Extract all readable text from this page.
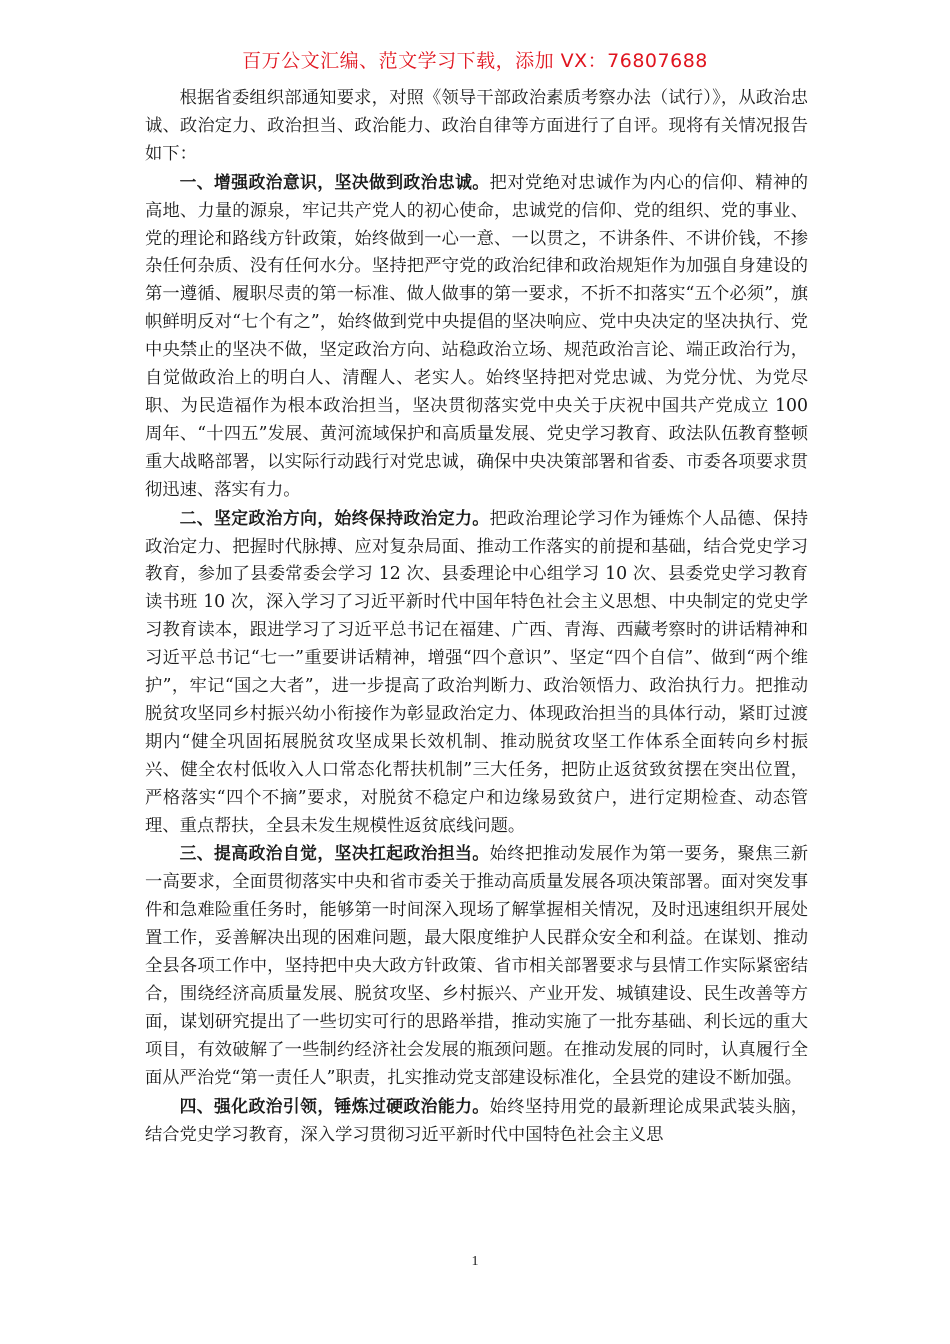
百万公文汇编、范文学习下载，添加 VX：76807688

根据省委组织部通知要求，对照《领导干部政治素质考察办法（试行）》，从政治忠诚、政治定力、政治担当、政治能力、政治自律等方面进行了自评。现将有关情况报告如下：

一、增强政治意识，坚决做到政治忠诚。把对党绝对忠诚作为内心的信仰、精神的高地、力量的源泉，牢记共产党人的初心使命，忠诚党的信仰、党的组织、党的事业、党的理论和路线方针政策，始终做到一心一意、一以贯之，不讲条件、不讲价钱，不掺杂任何杂质、没有任何水分。坚持把严守党的政治纪律和政治规矩作为加强自身建设的第一遵循、履职尽责的第一标准、做人做事的第一要求，不折不扣落实“五个必须”，旗帜鲜明反对“七个有之”，始终做到党中央提倡的坚决响应、党中央决定的坚决执行、党中央禁止的坚决不做，坚定政治方向、站稳政治立场、规范政治言论、端正政治行为，自觉做政治上的明白人、清醒人、老实人。始终坚持把对党忠诚、为党分忧、为党尽职、为民造福作为根本政治担当，坚决贯彻落实党中央关于庆祝中国共产党成立 100 周年、“十四五”发展、黄河流域保护和高质量发展、党史学习教育、政法队伍教育整顿重大战略部署，以实际行动践行对党忠诚，确保中央决策部署和省委、市委各项要求贯彻迅速、落实有力。

二、坚定政治方向，始终保持政治定力。把政治理论学习作为锤炼个人品德、保持政治定力、把握时代脉搏、应对复杂局面、推动工作落实的前提和基础，结合党史学习教育，参加了县委常委会学习 12 次、县委理论中心组学习 10 次、县委党史学习教育读书班 10 次，深入学习了习近平新时代中国年特色社会主义思想、中央制定的党史学习教育读本，跟进学习了习近平总书记在福建、广西、青海、西藏考察时的讲话精神和习近平总书记“七一”重要讲话精神，增强“四个意识”、坚定“四个自信”、做到“两个维护”，牢记“国之大者”，进一步提高了政治判断力、政治领悟力、政治执行力。把推动脱贫攻坚同乡村振兴幼小衔接作为彰显政治定力、体现政治担当的具体行动，紧盯过渡期内“健全巩固拓展脱贫攻坚成果长效机制、推动脱贫攻坚工作体系全面转向乡村振兴、健全农村低收入人口常态化帮扶机制”三大任务，把防止返贫致贫摆在突出位置，严格落实“四个不摘”要求，对脱贫不稳定户和边缘易致贫户，进行定期检查、动态管理、重点帮扶，全县未发生规模性返贫底线问题。

三、提高政治自觉，坚决扛起政治担当。始终把推动发展作为第一要务，聚焦三新一高要求，全面贯彻落实中央和省市委关于推动高质量发展各项决策部署。面对突发事件和急难险重任务时，能够第一时间深入现场了解掌握相关情况，及时迅速组织开展处置工作，妥善解决出现的困难问题，最大限度维护人民群众安全和利益。在谋划、推动全县各项工作中，坚持把中央大政方针政策、省市相关部署要求与县情工作实际紧密结合，围绕经济高质量发展、脱贫攻坚、乡村振兴、产业开发、城镇建设、民生改善等方面，谋划研究提出了一些切实可行的思路举措，推动实施了一批夯基础、利长远的重大项目，有效破解了一些制约经济社会发展的瓶颈问题。在推动发展的同时，认真履行全面从严治党“第一责任人”职责，扎实推动党支部建设标准化，全县党的建设不断加强。

四、强化政治引领，锤炼过硬政治能力。始终坚持用党的最新理论成果武装头脑，结合党史学习教育，深入学习贯彻习近平新时代中国特色社会主义思

1
